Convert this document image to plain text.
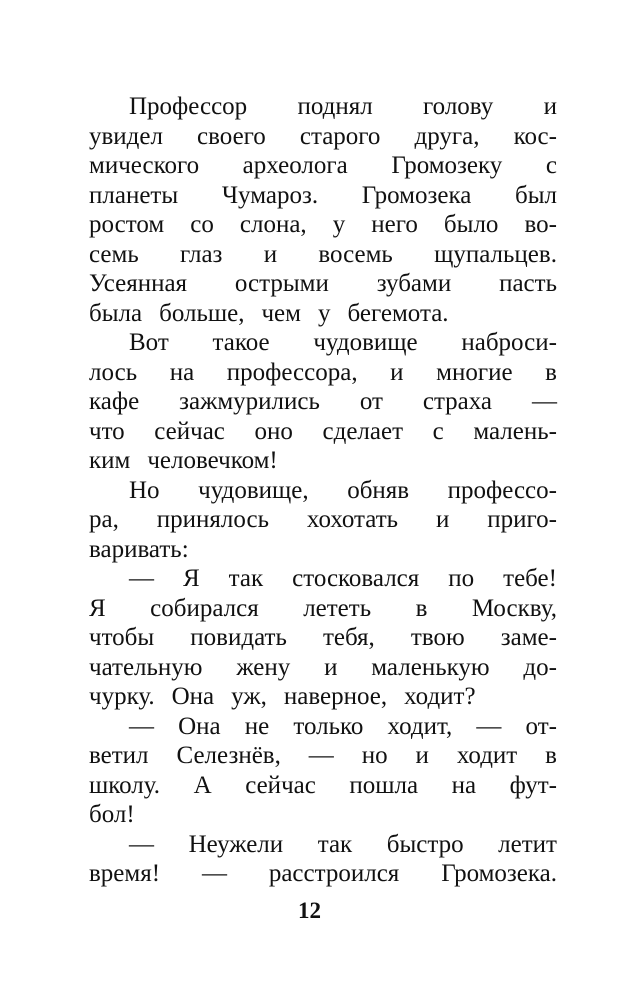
Профессор поднял голову и
увидел своего старого друга, кос-
мического археолога Громозеку с
планеты Чумароз. Громозека был
ростом со слона, у него было во-
семь глаз и восемь щупальцев.
Усеянная острыми зубами пасть
была больше, чем у бегемота.
Вот такое чудовище наброси-
лось на профессора, и многие в
кафе зажмурились от страха —
что сейчас оно сделает с малень-
ким человечком!
Но чудовище, обняв профессо-
ра, принялось хохотать и приго-
варивать:
— Я так стосковался по тебе!
Я собирался лететь в Москву,
чтобы повидать тебя, твою заме-
чательную жену и маленькую до-
чурку. Она уж, наверное, ходит?
— Она не только ходит, — от-
ветил Селезнёв, — но и ходит в
школу. А сейчас пошла на фут-
бол!
— Неужели так быстро летит
время! — расстроился Громозека.
12
